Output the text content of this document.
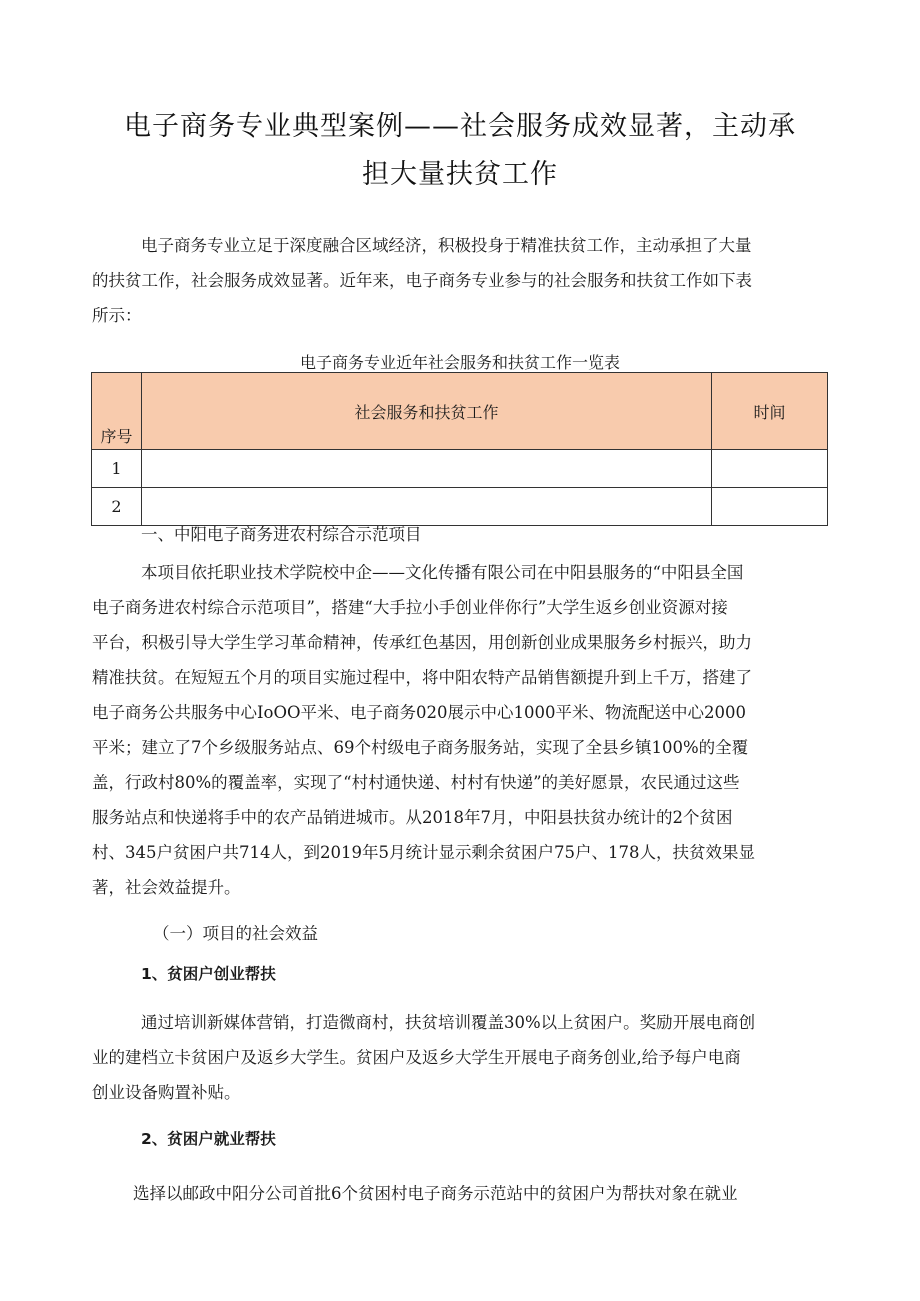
电子商务专业典型案例——社会服务成效显著，主动承
担大量扶贫工作
电子商务专业立足于深度融合区域经济，积极投身于精准扶贫工作，主动承担了大量
的扶贫工作，社会服务成效显著。近年来，电子商务专业参与的社会服务和扶贫工作如下表
所示：
电子商务专业近年社会服务和扶贫工作一览表
序号	社会服务和扶贫工作	时间
1		
2		
一、中阳电子商务进农村综合示范项目
本项目依托职业技术学院校中企——文化传播有限公司在中阳县服务的“中阳县全国
电子商务进农村综合示范项目”，搭建“大手拉小手创业伴你行”大学生返乡创业资源对接
平台，积极引导大学生学习革命精神，传承红色基因，用创新创业成果服务乡村振兴，助力
精准扶贫。在短短五个月的项目实施过程中，将中阳农特产品销售额提升到上千万，搭建了
电子商务公共服务中心IoOO平米、电子商务020展示中心1000平米、物流配送中心2000
平米；建立了7个乡级服务站点、69个村级电子商务服务站，实现了全县乡镇100%的全覆
盖，行政村80%的覆盖率，实现了“村村通快递、村村有快递”的美好愿景，农民通过这些
服务站点和快递将手中的农产品销进城市。从2018年7月，中阳县扶贫办统计的2个贫困
村、345户贫困户共714人，到2019年5月统计显示剩余贫困户75户、178人，扶贫效果显
著，社会效益提升。
（一）项目的社会效益
1、贫困户创业帮扶
通过培训新媒体营销，打造微商村，扶贫培训覆盖30%以上贫困户。奖励开展电商创
业的建档立卡贫困户及返乡大学生。贫困户及返乡大学生开展电子商务创业,给予每户电商
创业设备购置补贴。
2、贫困户就业帮扶
选择以邮政中阳分公司首批6个贫困村电子商务示范站中的贫困户为帮扶对象在就业
